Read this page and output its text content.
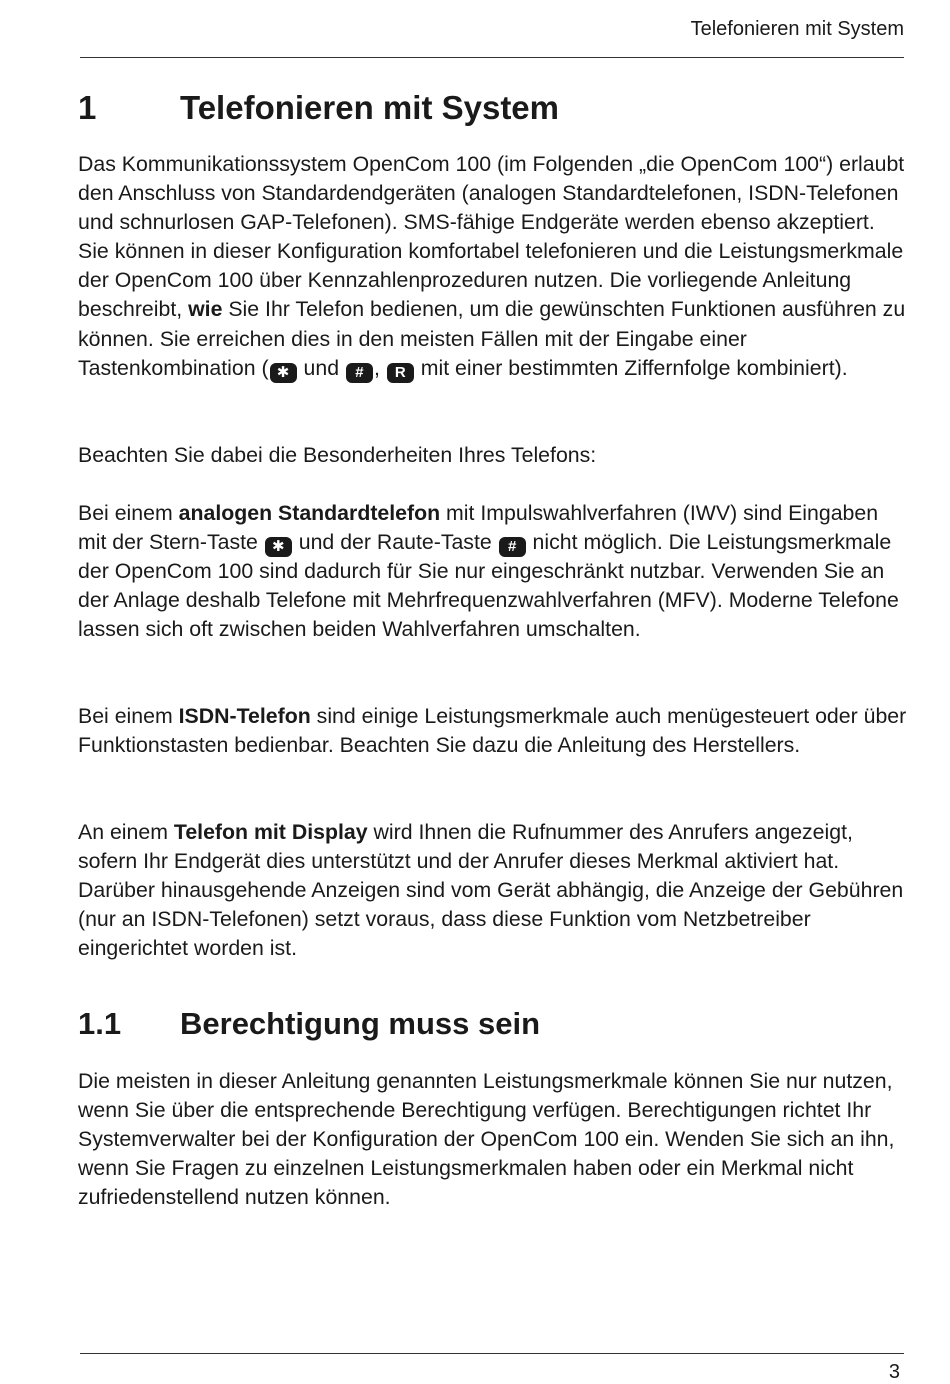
Telefonieren mit System
1	Telefonieren mit System

Das Kommunikationssystem OpenCom 100 (im Folgenden „die OpenCom 100“) erlaubt den Anschluss von Standardendgeräten (analogen Standardtelefonen, ISDN-Telefonen und schnurlosen GAP-Telefonen). SMS-fähige Endgeräte werden ebenso akzeptiert. Sie können in dieser Konfiguration komfortabel telefonieren und die Leistungsmerkmale der OpenCom 100 über Kennzahlenprozeduren nutzen. Die vorliegende Anleitung beschreibt, wie Sie Ihr Telefon bedienen, um die gewünschten Funktionen ausführen zu können. Sie erreichen dies in den meisten Fällen mit der Eingabe einer Tastenkombination ( ✱ und # , R mit einer bestimmten Ziffernfolge kombiniert).

Beachten Sie dabei die Besonderheiten Ihres Telefons:

Bei einem analogen Standardtelefon mit Impulswahlverfahren (IWV) sind Eingaben mit der Stern-Taste ✱ und der Raute-Taste # nicht möglich. Die Leistungsmerkmale der OpenCom 100 sind dadurch für Sie nur eingeschränkt nutzbar. Verwenden Sie an der Anlage deshalb Telefone mit Mehrfrequenzwahlverfahren (MFV). Moderne Telefone lassen sich oft zwischen beiden Wahlverfahren umschalten.

Bei einem ISDN-Telefon sind einige Leistungsmerkmale auch menügesteuert oder über Funktionstasten bedienbar. Beachten Sie dazu die Anleitung des Herstellers.

An einem Telefon mit Display wird Ihnen die Rufnummer des Anrufers angezeigt, sofern Ihr Endgerät dies unterstützt und der Anrufer dieses Merkmal aktiviert hat. Darüber hinausgehende Anzeigen sind vom Gerät abhängig, die Anzeige der Gebühren (nur an ISDN-Telefonen) setzt voraus, dass diese Funktion vom Netzbetreiber eingerichtet worden ist.

1.1 Berechtigung muss sein

Die meisten in dieser Anleitung genannten Leistungsmerkmale können Sie nur nutzen, wenn Sie über die entsprechende Berechtigung verfügen. Berechtigungen richtet Ihr Systemverwalter bei der Konfiguration der OpenCom 100 ein. Wenden Sie sich an ihn, wenn Sie Fragen zu einzelnen Leistungsmerkmalen haben oder ein Merkmal nicht zufriedenstellend nutzen können.

3
